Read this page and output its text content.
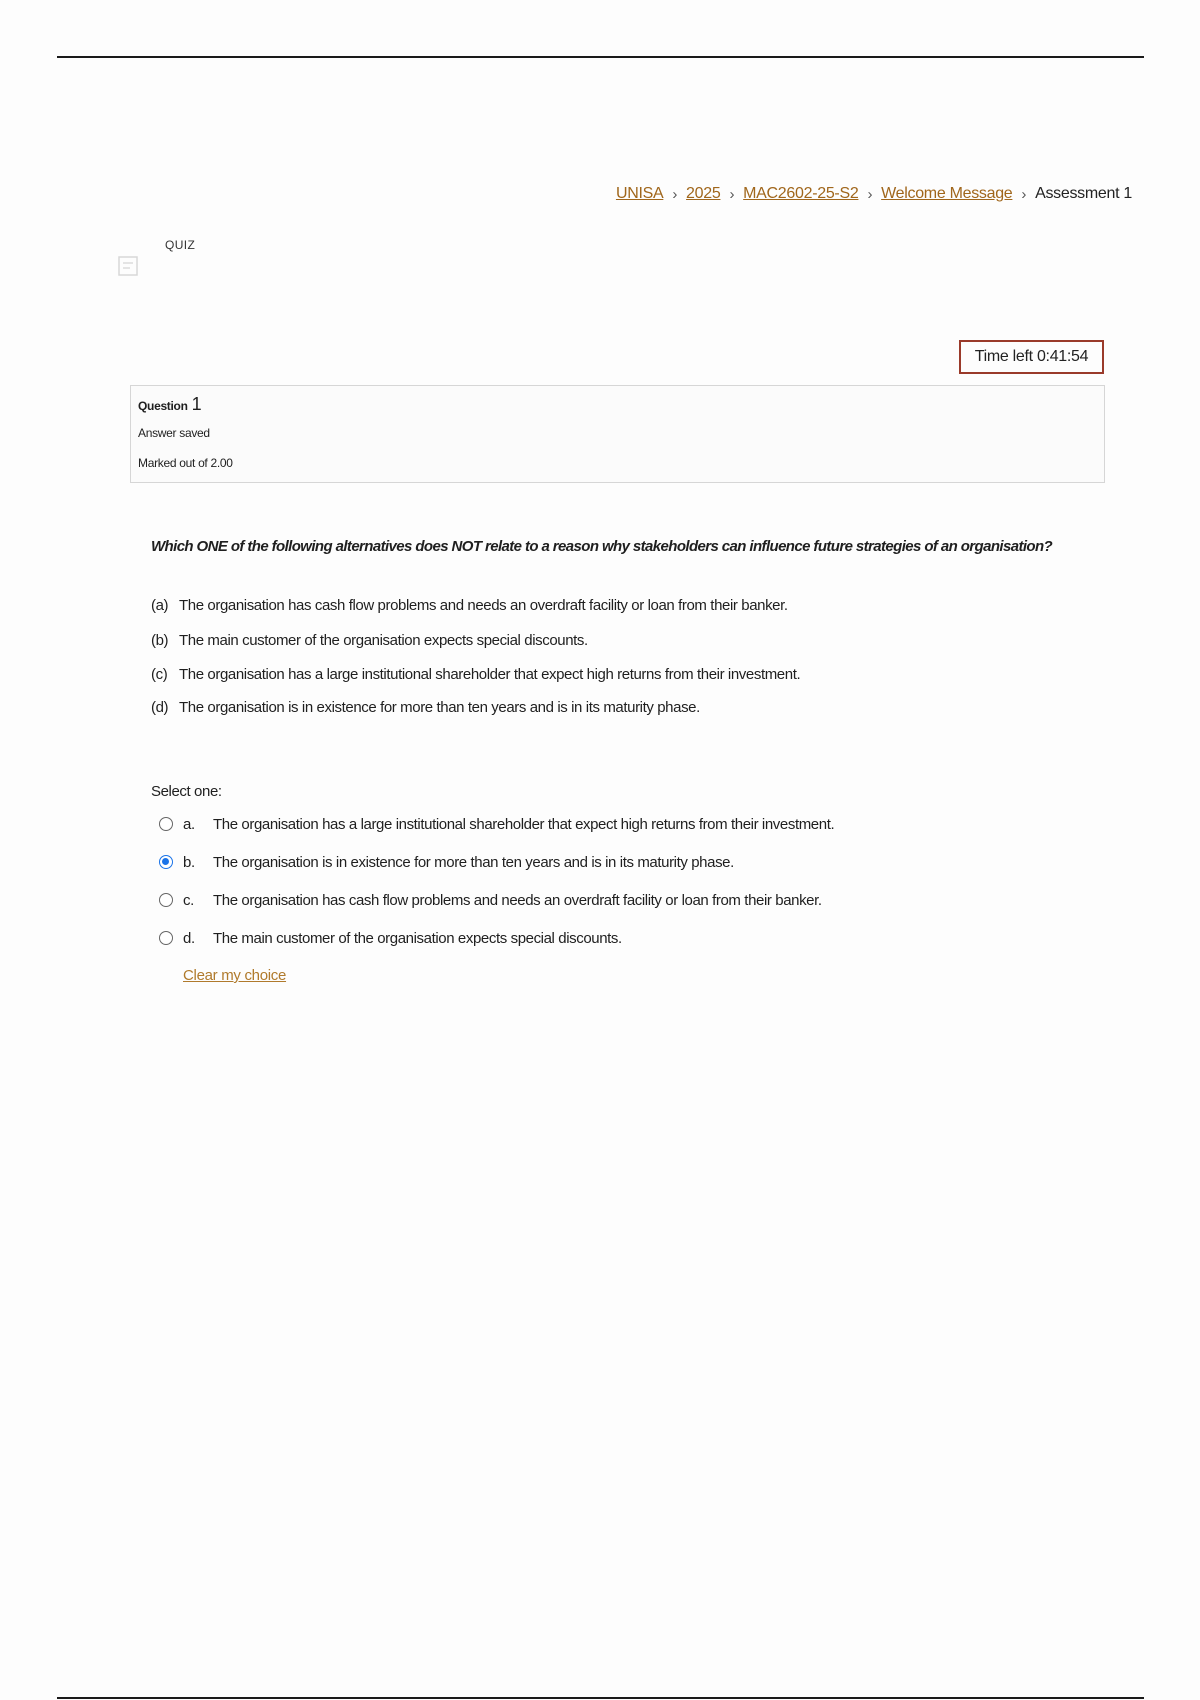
UNISA › 2025 › MAC2602-25-S2 › Welcome Message › Assessment 1
QUIZ
Time left 0:41:54
Question 1
Answer saved
Marked out of 2.00
Which ONE of the following alternatives does NOT relate to a reason why stakeholders can influence future strategies of an organisation?
(a) The organisation has cash flow problems and needs an overdraft facility or loan from their banker.
(b) The main customer of the organisation expects special discounts.
(c) The organisation has a large institutional shareholder that expect high returns from their investment.
(d) The organisation is in existence for more than ten years and is in its maturity phase.
Select one:
a.	The organisation has a large institutional shareholder that expect high returns from their investment.
b.	The organisation is in existence for more than ten years and is in its maturity phase.
c.	The organisation has cash flow problems and needs an overdraft facility or loan from their banker.
d.	The main customer of the organisation expects special discounts.
Clear my choice
